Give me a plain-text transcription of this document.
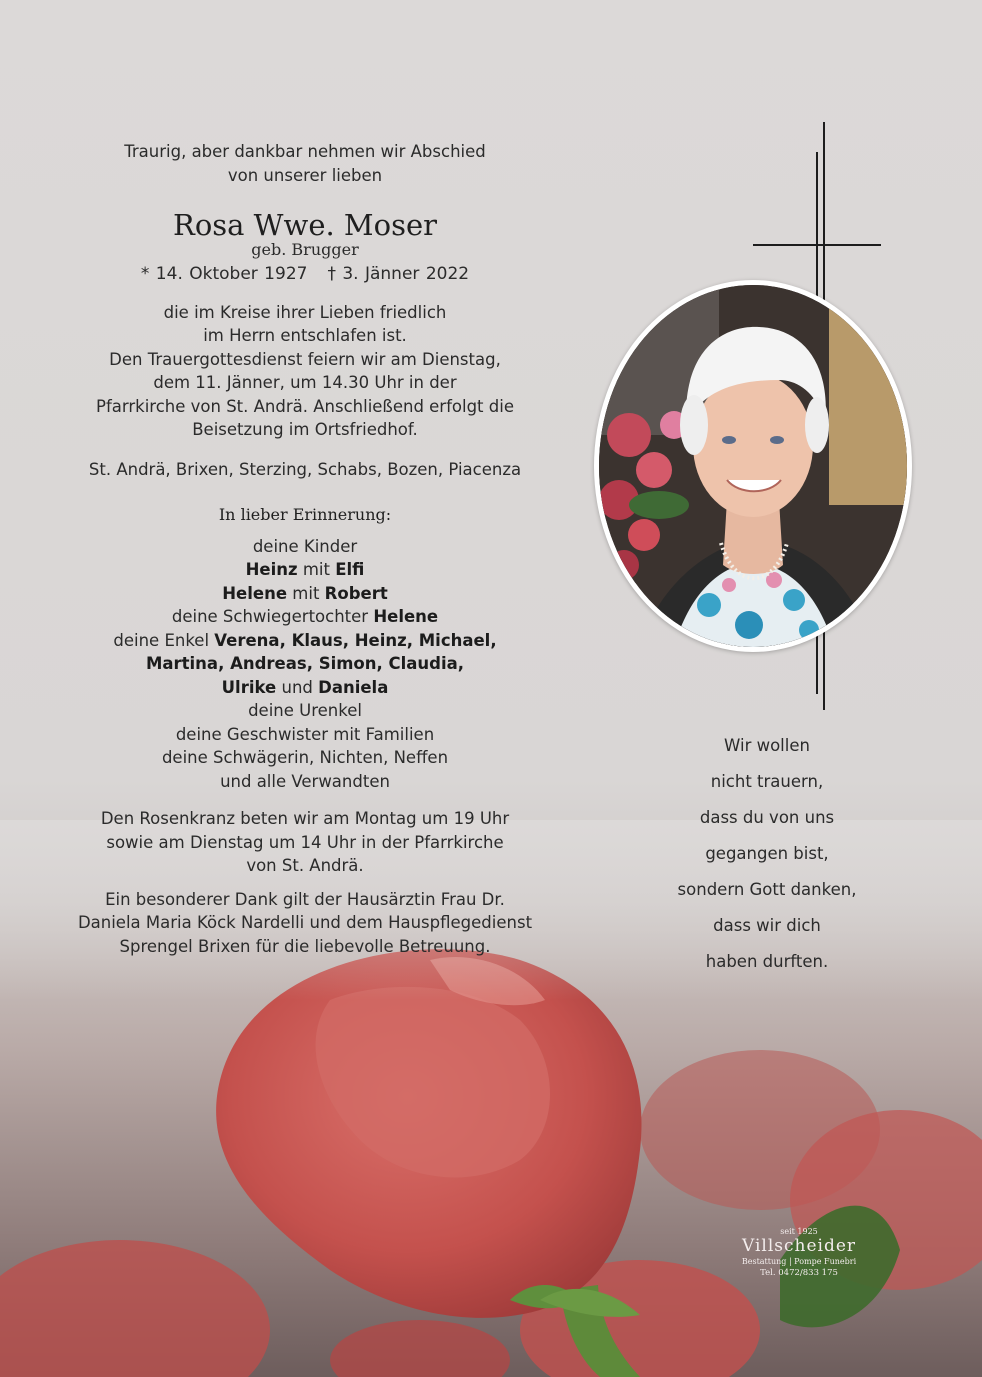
Traurig, aber dankbar nehmen wir Abschied
von unserer lieben
Rosa Wwe. Moser
geb. Brugger
* 14. Oktober 1927 † 3. Jänner 2022
die im Kreise ihrer Lieben friedlich
im Herrn entschlafen ist.
Den Trauergottesdienst feiern wir am Dienstag,
dem 11. Jänner, um 14.30 Uhr in der
Pfarrkirche von St. Andrä. Anschließend erfolgt die
Beisetzung im Ortsfriedhof.
St. Andrä, Brixen, Sterzing, Schabs, Bozen, Piacenza
In lieber Erinnerung:
deine Kinder
Heinz mit Elfi
Helene mit Robert
deine Schwiegertochter Helene
deine Enkel Verena, Klaus, Heinz, Michael,
Martina, Andreas, Simon, Claudia,
Ulrike und Daniela
deine Urenkel
deine Geschwister mit Familien
deine Schwägerin, Nichten, Neffen
und alle Verwandten
Den Rosenkranz beten wir am Montag um 19 Uhr
sowie am Dienstag um 14 Uhr in der Pfarrkirche
von St. Andrä.
Ein besonderer Dank gilt der Hausärztin Frau Dr.
Daniela Maria Köck Nardelli und dem Hauspflegedienst
Sprengel Brixen für die liebevolle Betreuung.
Wir wollen
nicht trauern,
dass du von uns
gegangen bist,
sondern Gott danken,
dass wir dich
haben durften.
seit 1925
Villscheider
Bestattung | Pompe Funebri
Tel. 0472/833 175
